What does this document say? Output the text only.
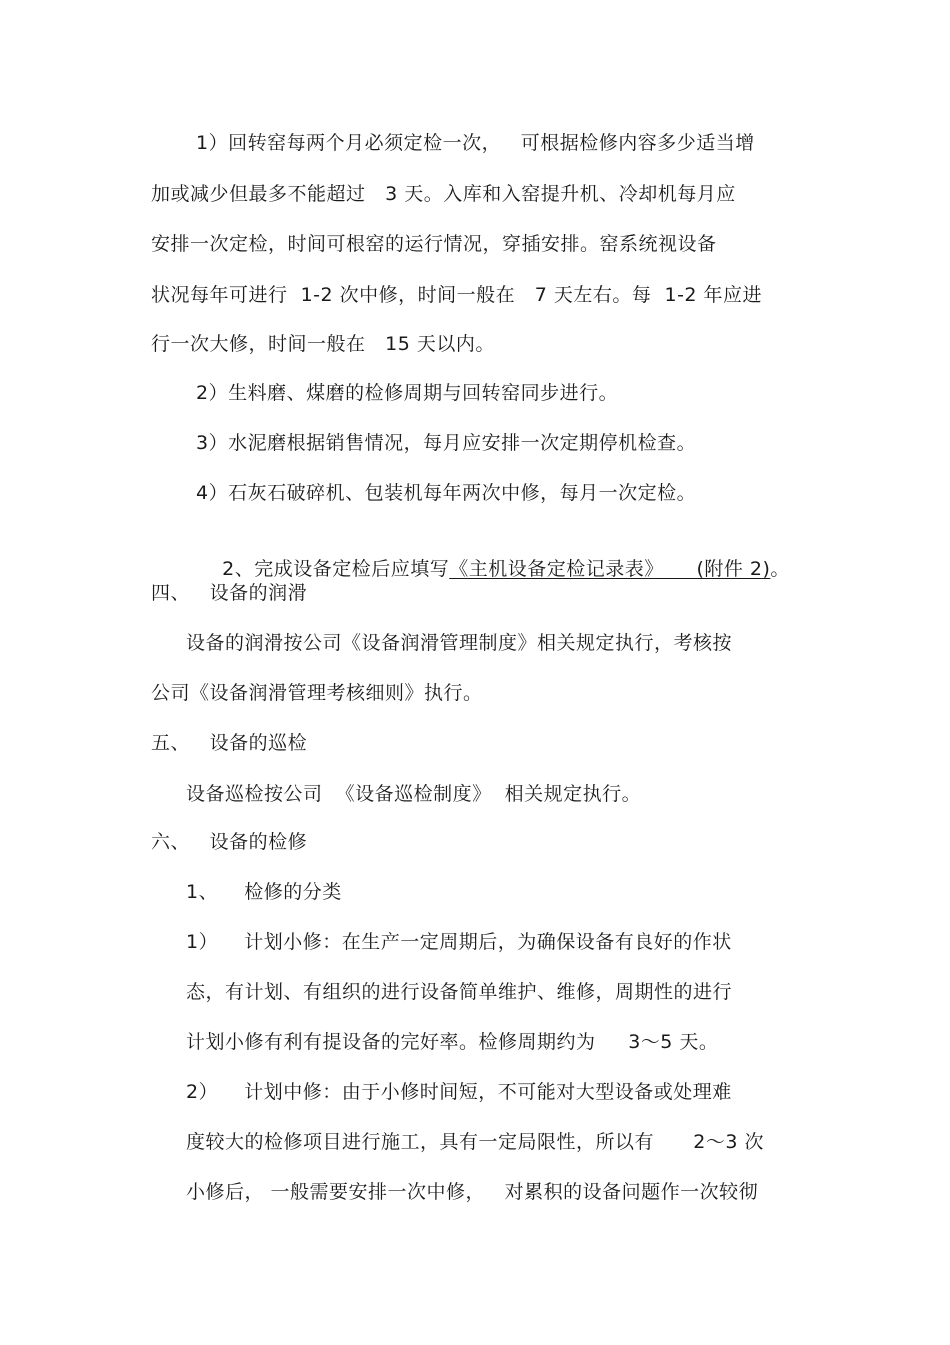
1）回转窑每两个月必须定检一次，   可根据检修内容多少适当增
加或减少但最多不能超过   3 天。入库和入窑提升机、冷却机每月应
安排一次定检，时间可根窑的运行情况，穿插安排。窑系统视设备
状况每年可进行  1-2 次中修，时间一般在   7 天左右。每  1-2 年应进
行一次大修，时间一般在   15 天以内。
2）生料磨、煤磨的检修周期与回转窑同步进行。
3）水泥磨根据销售情况，每月应安排一次定期停机检查。
4）石灰石破碎机、包装机每年两次中修，每月一次定检。

2、完成设备定检后应填写《主机设备定检记录表》     (附件 2)。

四、   设备的润滑
设备的润滑按公司《设备润滑管理制度》相关规定执行，考核按
公司《设备润滑管理考核细则》执行。
五、   设备的巡检
设备巡检按公司  《设备巡检制度》  相关规定执行。
六、   设备的检修
1、    检修的分类
1）    计划小修：在生产一定周期后，为确保设备有良好的作状
态，有计划、有组织的进行设备简单维护、维修，周期性的进行
计划小修有利有提设备的完好率。检修周期约为     3～5 天。
2）    计划中修：由于小修时间短，不可能对大型设备或处理难
度较大的检修项目进行施工，具有一定局限性，所以有      2～3 次
小修后， 一般需要安排一次中修，   对累积的设备问题作一次较彻
